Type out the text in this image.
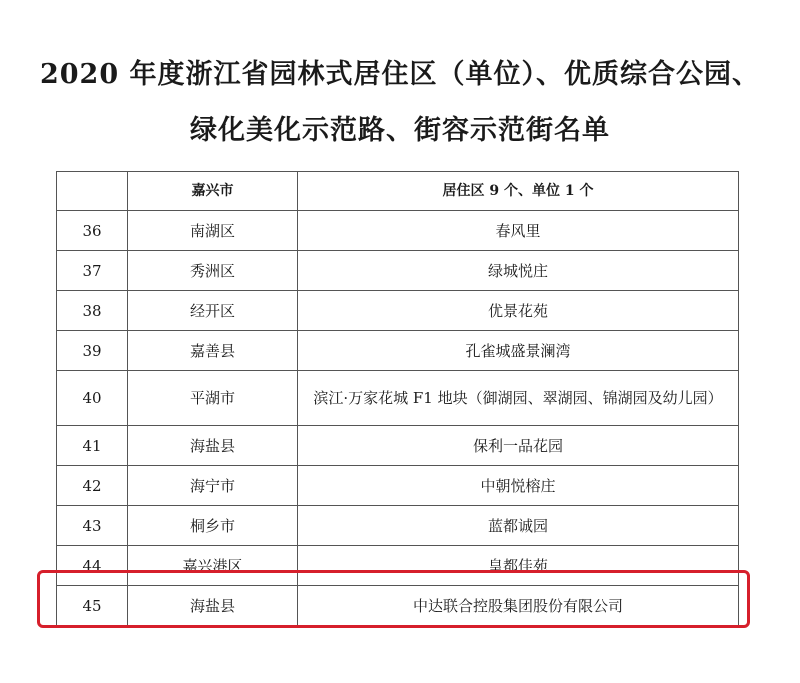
2020 年度浙江省园林式居住区（单位）、优质综合公园、
绿化美化示范路、街容示范街名单
	嘉兴市	居住区 9 个、单位 1 个
36	南湖区	春风里
37	秀洲区	绿城悦庄
38	经开区	优景花苑
39	嘉善县	孔雀城盛景澜湾
40	平湖市	滨江·万家花城 F1 地块（御湖园、翠湖园、锦湖园及幼儿园）
41	海盐县	保利一品花园
42	海宁市	中朝悦榕庄
43	桐乡市	蓝都诚园
44	嘉兴港区	皇都佳苑
45	海盐县	中达联合控股集团股份有限公司
